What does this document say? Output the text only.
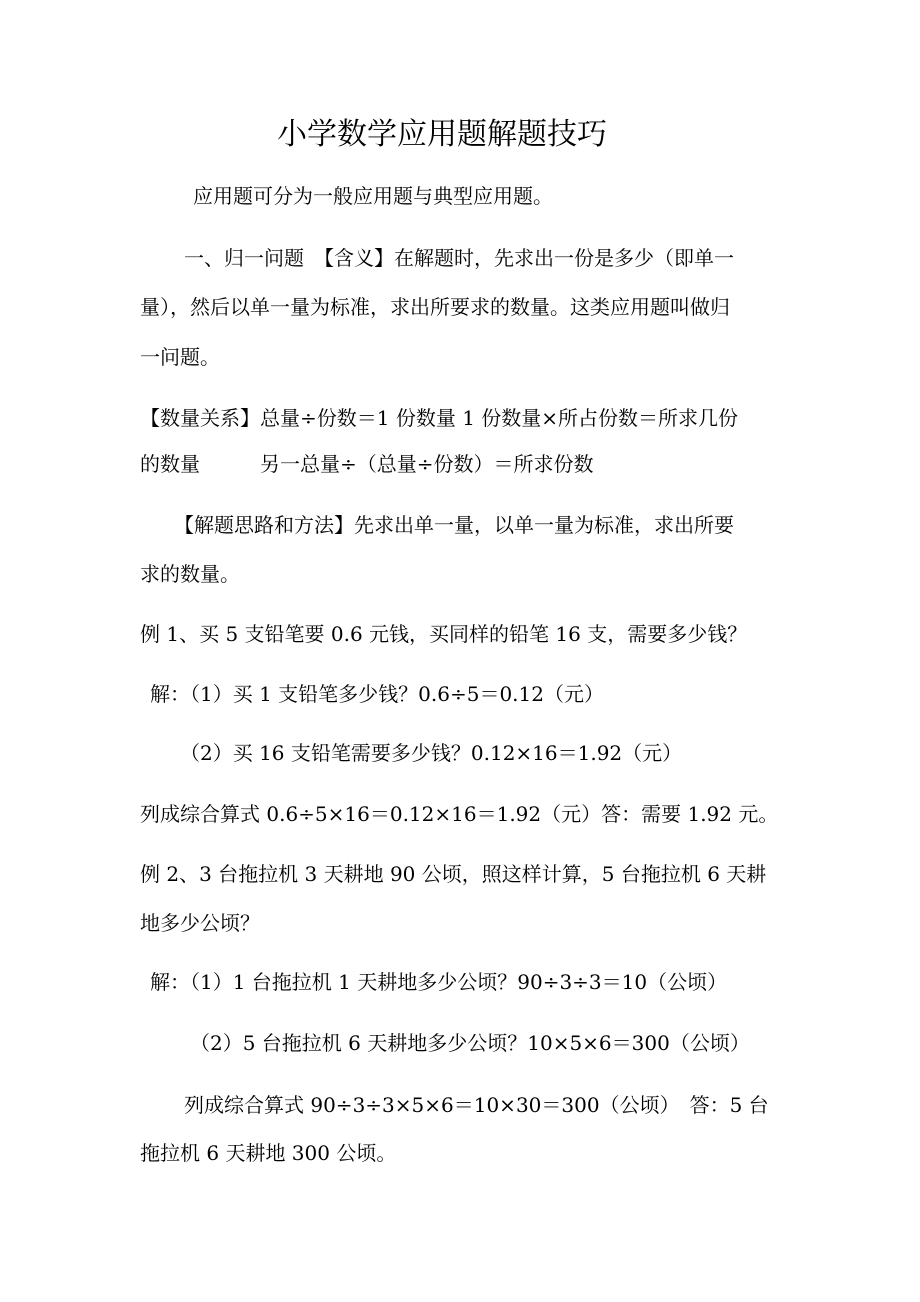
小学数学应用题解题技巧

应用题可分为一般应用题与典型应用题。

一、归一问题　【含义】在解题时，先求出一份是多少（即单一

量），然后以单一量为标准，求出所要求的数量。这类应用题叫做归

一问题。

【数量关系】总量÷份数＝1 份数量 1 份数量×所占份数＝所求几份

的数量　　　另一总量÷（总量÷份数）＝所求份数

【解题思路和方法】先求出单一量，以单一量为标准，求出所要

求的数量。

例 1、买 5 支铅笔要 0.6 元钱，买同样的铅笔 16 支，需要多少钱？

解：（1）买 1 支铅笔多少钱？0.6÷5＝0.12（元）

（2）买 16 支铅笔需要多少钱？0.12×16＝1.92（元）

列成综合算式 0.6÷5×16＝0.12×16＝1.92（元）答：需要 1.92 元。

例 2、3 台拖拉机 3 天耕地 90 公顷，照这样计算，5 台拖拉机 6 天耕

地多少公顷？

解：（1）1 台拖拉机 1 天耕地多少公顷？90÷3÷3＝10（公顷）

（2）5 台拖拉机 6 天耕地多少公顷？10×5×6＝300（公顷）

列成综合算式 90÷3÷3×5×6＝10×30＝300（公顷）　答：5 台

拖拉机 6 天耕地 300 公顷。
